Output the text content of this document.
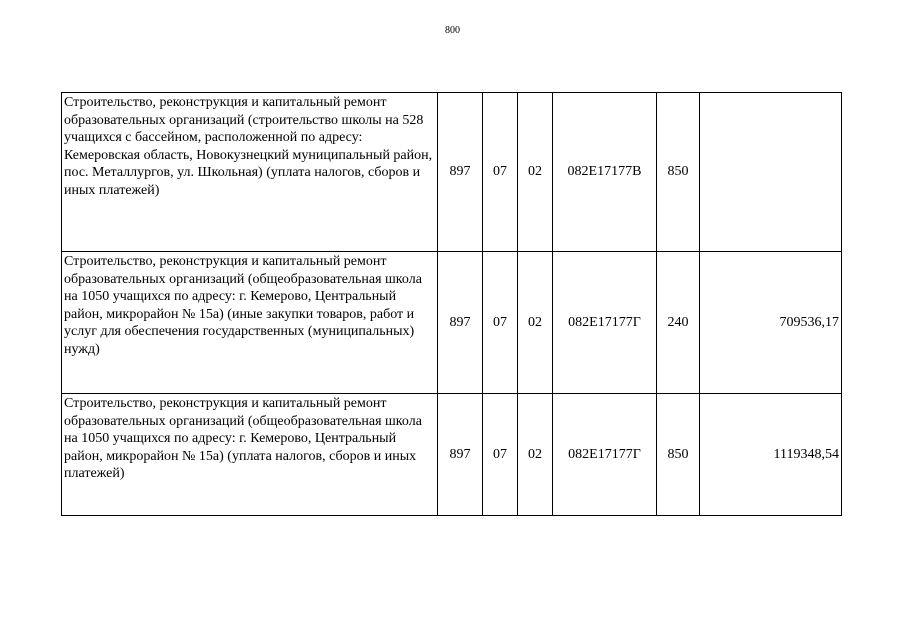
800
Строительство, реконструкция и капитальный ремонт образовательных организаций (строительство школы на 528 учащихся с бассейном, расположенной по адресу: Кемеровская область, Новокузнецкий муниципальный район, пос. Металлургов, ул. Школьная) (уплата налогов, сборов и иных платежей)	897	07	02	082E17177В	850	
Строительство, реконструкция и капитальный ремонт образовательных организаций (общеобразовательная школа на 1050 учащихся по адресу: г. Кемерово, Центральный район, микрорайон № 15а) (иные закупки товаров, работ и услуг для обеспечения государственных (муниципальных) нужд)	897	07	02	082E17177Г	240	709536,17
Строительство, реконструкция и капитальный ремонт образовательных организаций (общеобразовательная школа на 1050 учащихся по адресу: г. Кемерово, Центральный район, микрорайон № 15а) (уплата налогов, сборов и иных платежей)	897	07	02	082E17177Г	850	1119348,54
